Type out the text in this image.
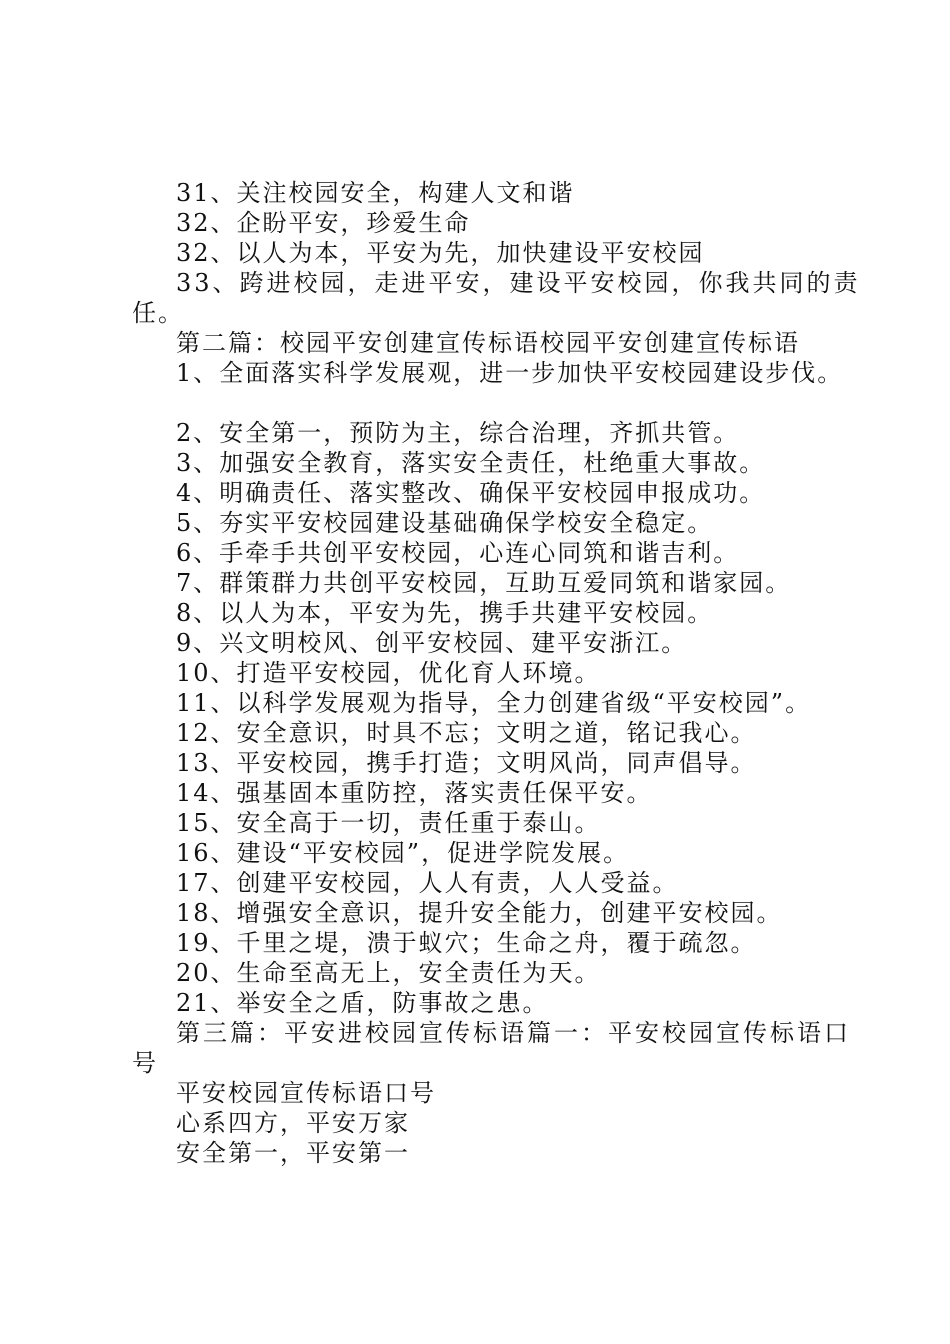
31、关注校园安全，构建人文和谐
32、企盼平安，珍爱生命
32、以人为本，平安为先，加快建设平安校园
33、跨进校园，走进平安，建设平安校园，你我共同的责
任。
第二篇：校园平安创建宣传标语校园平安创建宣传标语
1、全面落实科学发展观，进一步加快平安校园建设步伐。
2、安全第一，预防为主，综合治理，齐抓共管。
3、加强安全教育，落实安全责任，杜绝重大事故。
4、明确责任、落实整改、确保平安校园申报成功。
5、夯实平安校园建设基础确保学校安全稳定。
6、手牵手共创平安校园，心连心同筑和谐吉利。
7、群策群力共创平安校园，互助互爱同筑和谐家园。
8、以人为本，平安为先，携手共建平安校园。
9、兴文明校风、创平安校园、建平安浙江。
10、打造平安校园，优化育人环境。
11、以科学发展观为指导，全力创建省级“平安校园”。
12、安全意识，时具不忘；文明之道，铭记我心。
13、平安校园，携手打造；文明风尚，同声倡导。
14、强基固本重防控，落实责任保平安。
15、安全高于一切，责任重于泰山。
16、建设“平安校园”，促进学院发展。
17、创建平安校园，人人有责，人人受益。
18、增强安全意识，提升安全能力，创建平安校园。
19、千里之堤，溃于蚁穴；生命之舟，覆于疏忽。
20、生命至高无上，安全责任为天。
21、举安全之盾，防事故之患。
第三篇：平安进校园宣传标语篇一：平安校园宣传标语口
号
平安校园宣传标语口号
心系四方，平安万家
安全第一，平安第一
